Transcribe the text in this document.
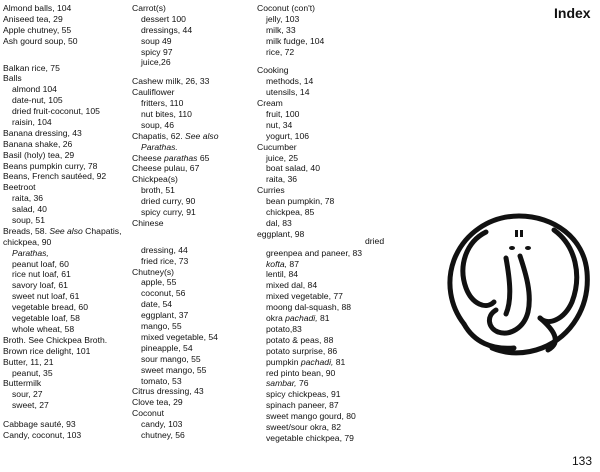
Index
Almond balls, 104
Aniseed tea, 29
Apple chutney, 55
Ash gourd soup, 50
Balkan rice, 75
Balls
almond 104
date-nut, 105
dried fruit-coconut, 105
raisin, 104
Banana dressing, 43
Banana shake, 26
Basil (holy) tea, 29
Beans pumpkin curry, 78
Beans, French sautéed, 92
Beetroot
raita, 36
salad, 40
soup, 51
Breads, 58. See also Chapatis,
chickpea, 90
Parathas,
peanut loaf, 60
rice nut loaf, 61
savory loaf, 61
sweet nut loaf, 61
vegetable bread, 60
vegetable loaf, 58
whole wheat, 58
Broth. See Chickpea Broth.
Brown rice delight, 101
Butter, 11, 21
peanut, 35
Buttermilk
sour, 27
sweet, 27
Cabbage sauté, 93
Candy, coconut, 103
Carrot(s)
dessert 100
dressings, 44
soup 49
spicy 97
juice,26
Cashew milk, 26, 33
Cauliflower
fritters, 110
nut bites, 110
soup, 46
Chapatis, 62. See also
Parathas.
Cheese parathas 65
Cheese pulau, 67
Chickpea(s)
broth, 51
dried curry, 90
spicy curry, 91
Chinese
dressing, 44
fried rice, 73
Chutney(s)
apple, 55
coconut, 56
date, 54
eggplant, 37
mango, 55
mixed vegetable, 54
pineapple, 54
sour mango, 55
sweet mango, 55
tomato, 53
Citrus dressing, 43
Clove tea, 29
Coconut
candy, 103
chutney, 56
Coconut (con't)
jelly, 103
milk, 33
milk fudge, 104
rice, 72
Cooking
methods, 14
utensils, 14
Cream
fruit, 100
nut, 34
yogurt, 106
Cucumber
juice, 25
boat salad, 40
raita, 36
Curries
bean pumpkin, 78
chickpea, 85
dal, 83
eggplant, 98
greenpea and paneer, 83
kofta, 87
lentil, 84
mixed dal, 84
mixed vegetable, 77
moong dal-squash, 88
okra pachadi, 81
potato,83
potato & peas, 88
potato surprise, 86
pumpkin pachadi, 81
red pinto bean, 90
sambar, 76
spicy chickpeas, 91
spinach paneer, 87
sweet mango gourd, 80
sweet/sour okra, 82
vegetable chickpea, 79
dried
133
